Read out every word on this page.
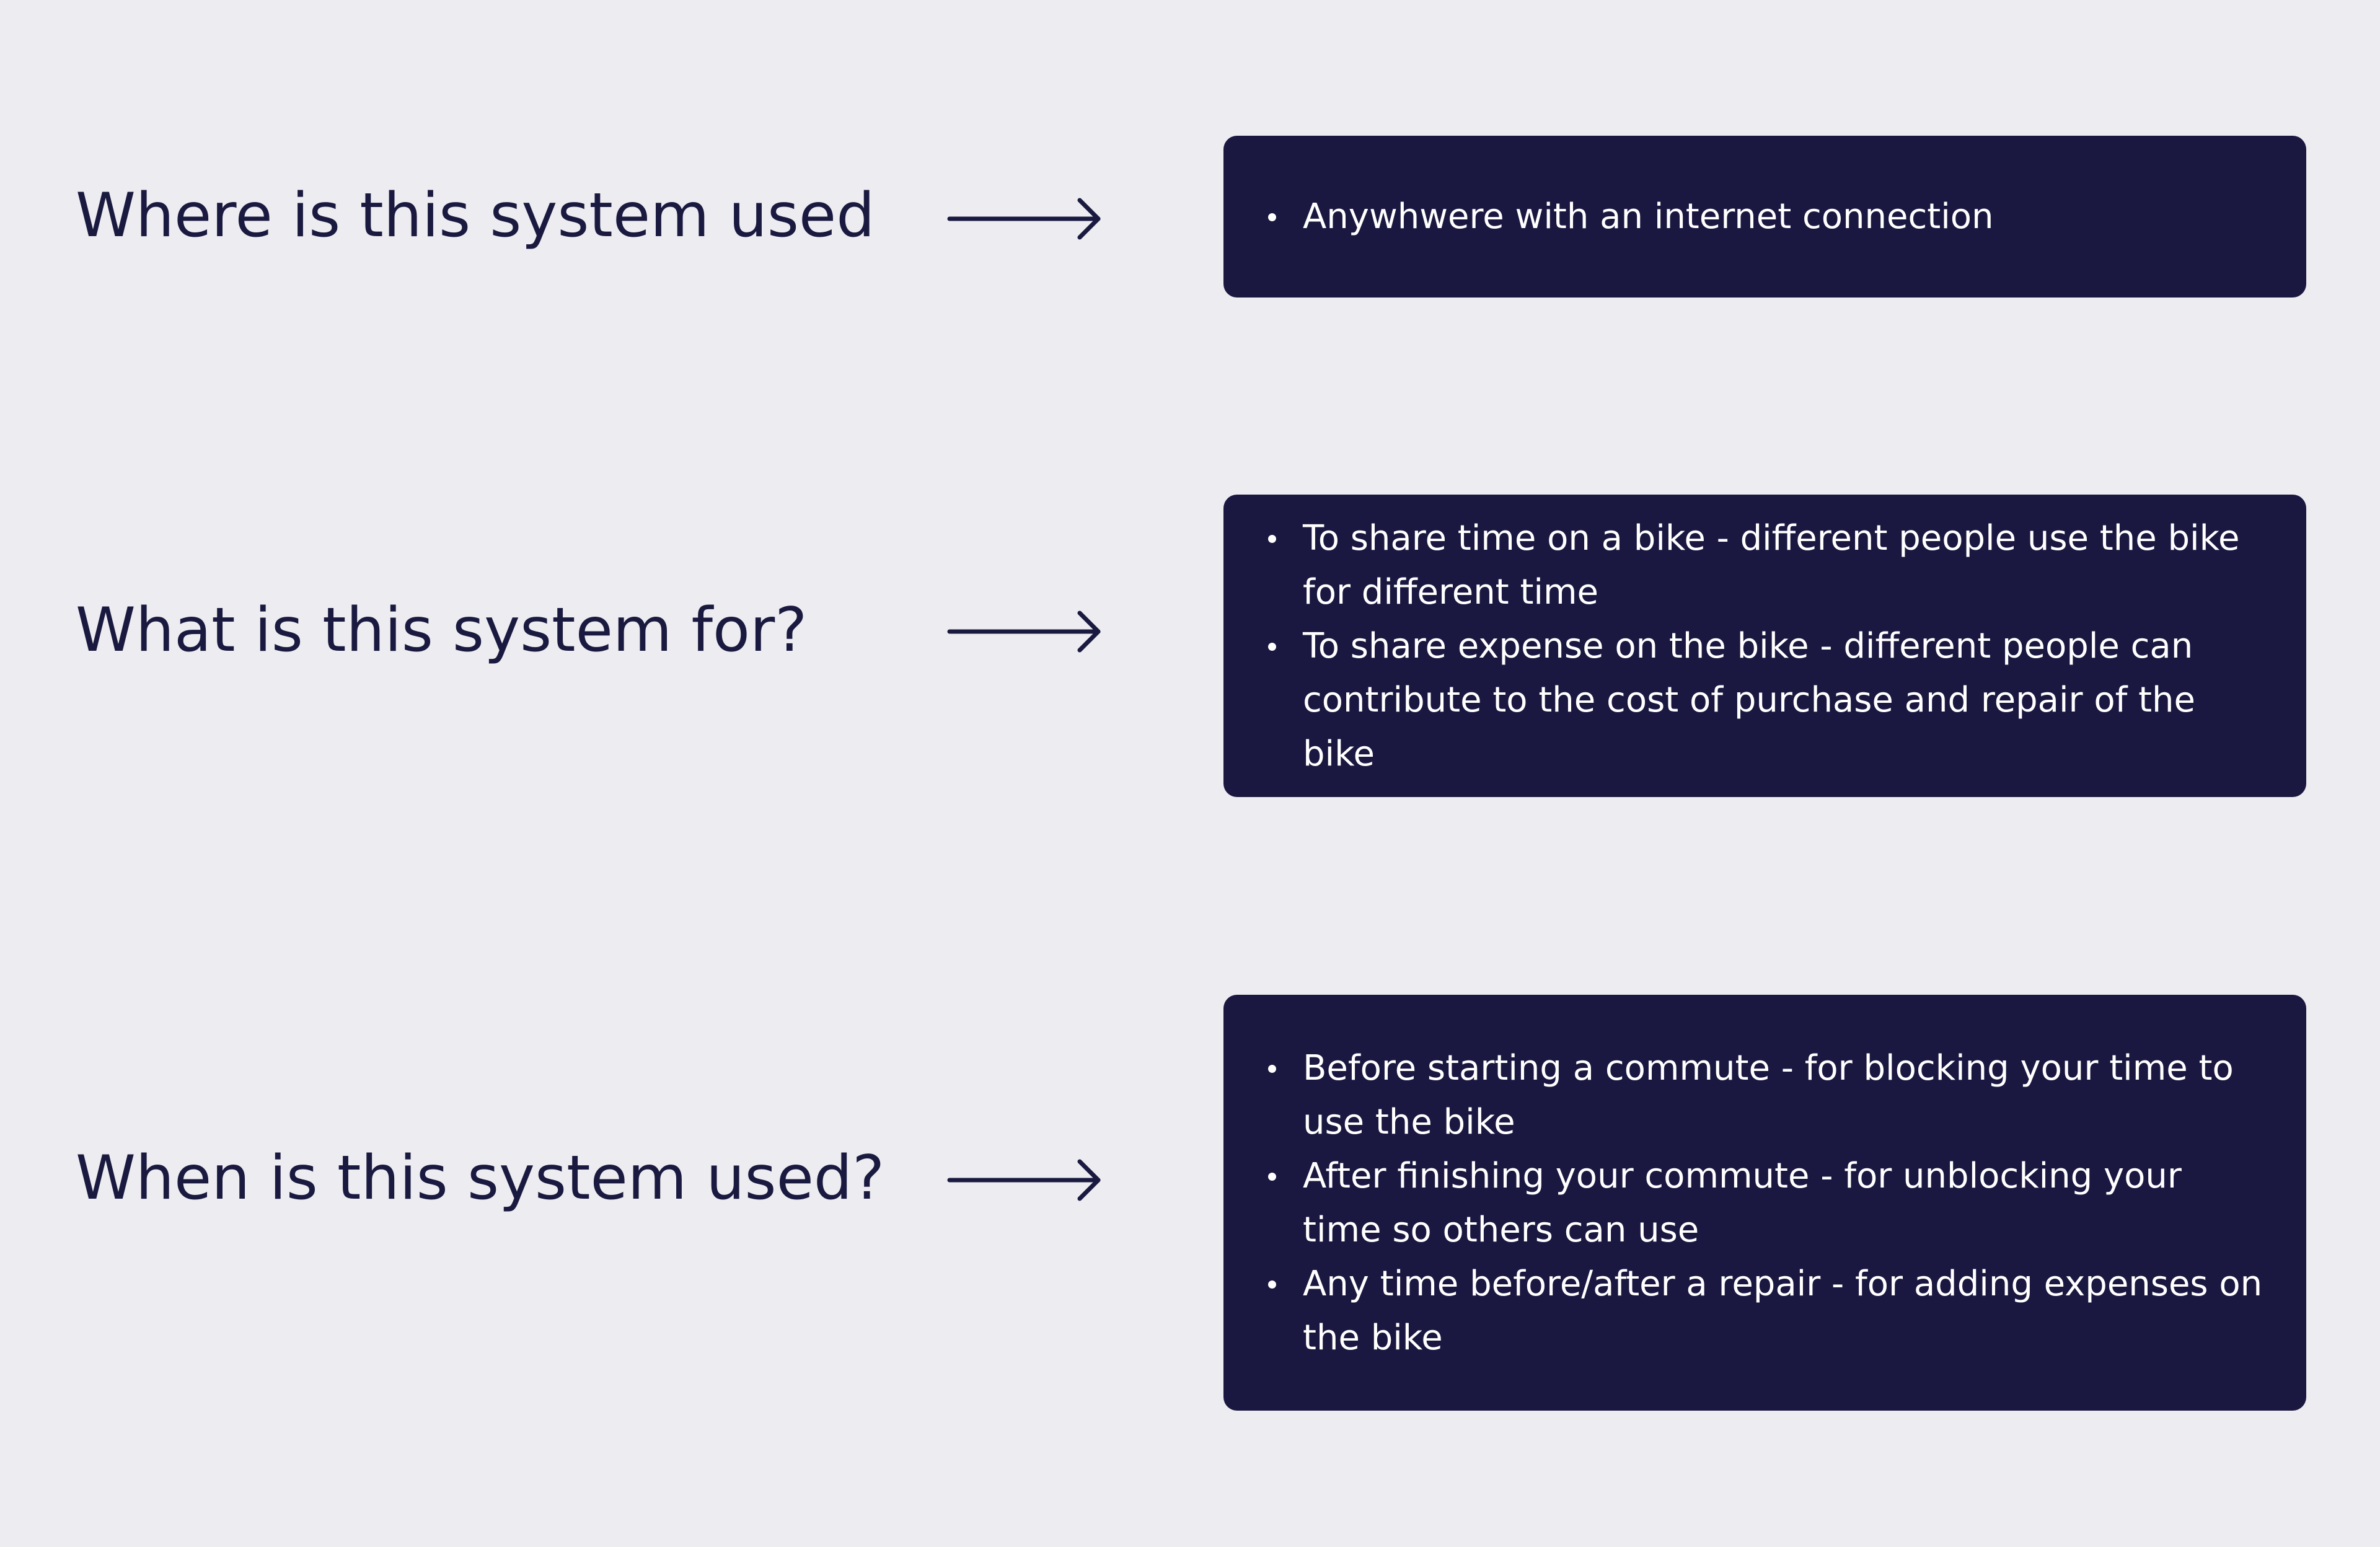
Where is this system used	Anywhwere with an internet connection
What is this system for?
To share time on a bike - different people use the bike for different time
To share expense on the bike - different people can contribute to the cost of purchase and repair of the bike
When is this system used?
Before starting a commute - for blocking your time to use the bike
After finishing your commute - for unblocking your time so others can use
Any time before/after a repair - for adding expenses on the bike
